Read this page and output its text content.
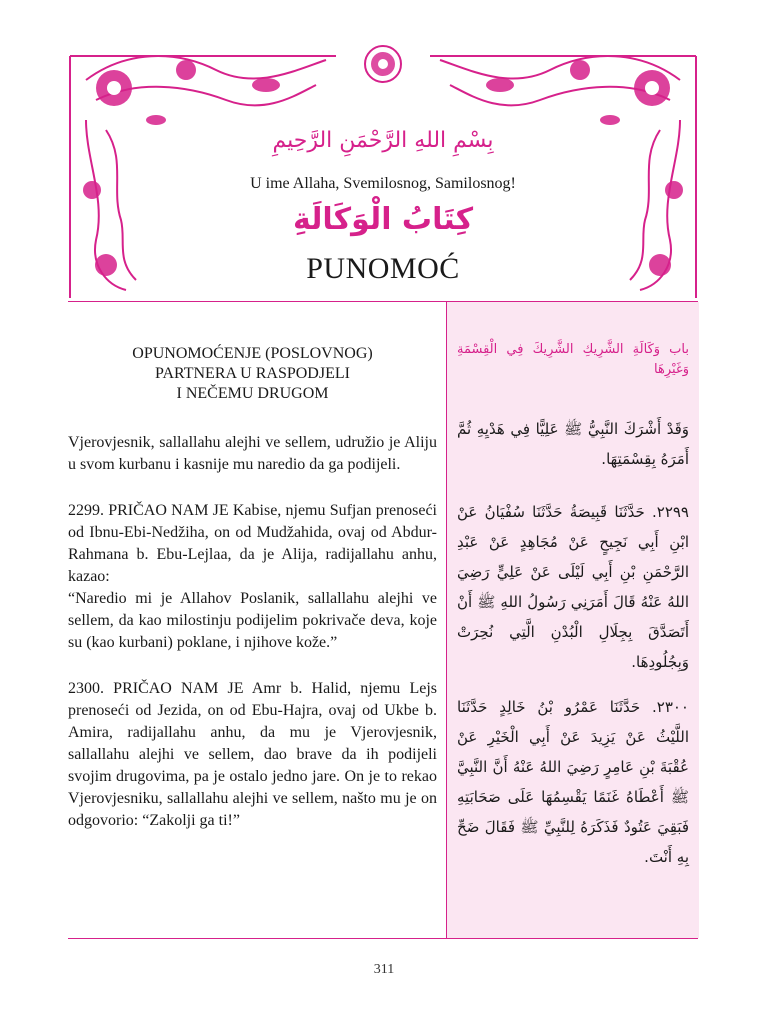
بِسْمِ اللهِ الرَّحْمَنِ الرَّحِيمِ
U ime Allaha, Svemilosnog, Samilosnog!
كِتَابُ الْوَكَالَةِ
PUNOMOĆ
OPUNOMOĆENJE (POSLOVNOG)
PARTNERA U RASPODJELI
I NEČEMU DRUGOM

Vjerovjesnik, sallallahu alejhi ve sellem, udružio je Aliju u svom kurbanu i kasnije mu naredio da ga podijeli.

2299. PRIČAO NAM JE Kabise, njemu Sufjan prenoseći od Ibnu-Ebi-Nedžiha, on od Mudžahida, ovaj od Abdur-Rahmana b. Ebu-Lejlaa, da je Alija, radijallahu anhu, kazao:
“Naredio mi je Allahov Poslanik, sallallahu alejhi ve sellem, da kao milostinju podijelim pokrivače deva, koje su (kao kurbani) poklane, i njihove kože.”

2300. PRIČAO NAM JE Amr b. Halid, njemu Lejs prenoseći od Jezida, on od Ebu-Hajra, ovaj od Ukbe b. Amira, radijallahu anhu, da mu je Vjerovjesnik, sallallahu alejhi ve sellem, dao brave da ih podijeli svojim drugovima, pa je ostalo jedno jare. On je to rekao Vjerovjesniku, sallallahu alejhi ve sellem, našto mu je on odgovorio: “Zakolji ga ti!”

باب وَكَالَةِ الشَّرِيكِ الشَّرِيكَ فِي الْقِسْمَةِ وَغَيْرِهَا
وَقَدْ أَشْرَكَ النَّبِيُّ ﷺ عَلِيًّا فِي هَدْيِهِ ثُمَّ أَمَرَهُ بِقِسْمَتِهَا.
٢٢٩٩. حَدَّثَنَا قَبِيصَةُ حَدَّثَنَا سُفْيَانُ عَنْ ابْنِ أَبِي نَجِيحٍ عَنْ مُجَاهِدٍ عَنْ عَبْدِ الرَّحْمَنِ بْنِ أَبِي لَيْلَى عَنْ عَلِيٍّ رَضِيَ اللهُ عَنْهُ قَالَ أَمَرَنِي رَسُولُ اللهِ ﷺ أَنْ أَتَصَدَّقَ بِجِلَالِ الْبُدْنِ الَّتِي نُحِرَتْ وَبِجُلُودِهَا.
٢٣٠٠. حَدَّثَنَا عَمْرُو بْنُ خَالِدٍ حَدَّثَنَا اللَّيْثُ عَنْ يَزِيدَ عَنْ أَبِي الْخَيْرِ عَنْ عُقْبَةَ بْنِ عَامِرٍ رَضِيَ اللهُ عَنْهُ أَنَّ النَّبِيَّ ﷺ أَعْطَاهُ غَنَمًا يَقْسِمُهَا عَلَى صَحَابَتِهِ فَبَقِيَ عَتُودٌ فَذَكَرَهُ لِلنَّبِيِّ ﷺ فَقَالَ ضَحِّ بِهِ أَنْتَ.
311
